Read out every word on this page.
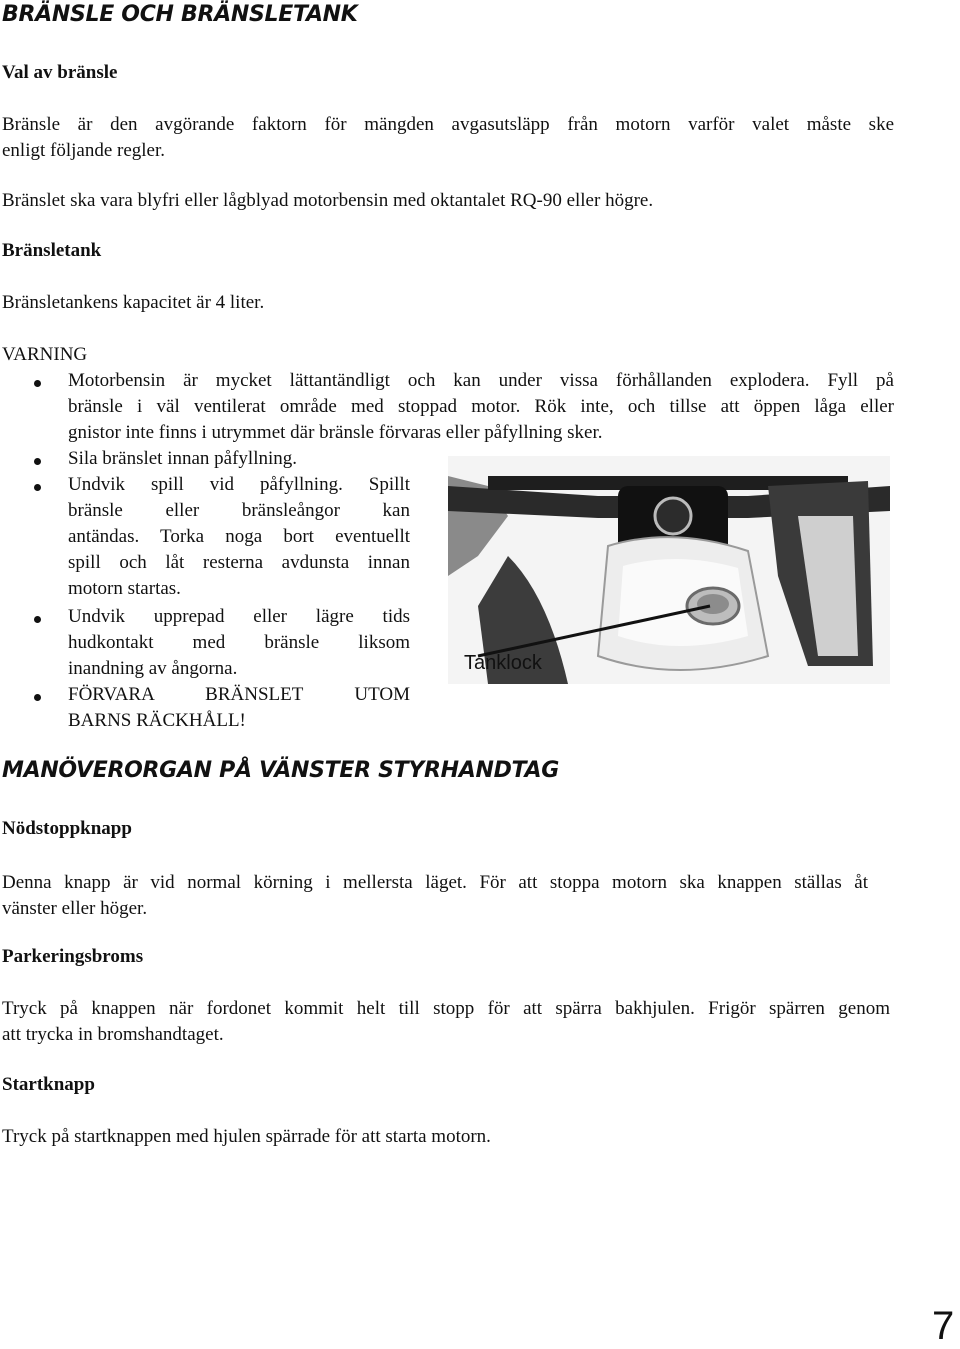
BRÄNSLE OCH BRÄNSLETANK
Val av bränsle
Bränsle är den avgörande faktorn för mängden avgasutsläpp från motorn varför valet måste ske
enligt följande regler.
Bränslet ska vara blyfri eller lågblyad motorbensin med oktantalet RQ-90 eller högre.
Bränsletank
Bränsletankens kapacitet är 4 liter.
VARNING
Motorbensin är mycket lättantändligt och kan under vissa förhållanden explodera. Fyll på
bränsle i väl ventilerat område med stoppad motor. Rök inte, och tillse att öppen låga eller
gnistor inte finns i utrymmet där bränsle förvaras eller påfyllning sker.
Sila bränslet innan påfyllning.
Undvik spill vid påfyllning. Spillt
bränsle eller bränsleångor kan
antändas. Torka noga bort eventuellt
spill och låt resterna avdunsta innan
motorn startas.
Undvik upprepad eller lägre tids
hudkontakt med bränsle liksom
inandning av ångorna.
FÖRVARA BRÄNSLET UTOM
BARNS RÄCKHÅLL!
Tanklock
MANÖVERORGAN PÅ VÄNSTER STYRHANDTAG
Nödstoppknapp
Denna knapp är vid normal körning i mellersta läget. För att stoppa motorn ska knappen ställas åt
vänster eller höger.
Parkeringsbroms
Tryck på knappen när fordonet kommit helt till stopp för att spärra bakhjulen. Frigör spärren genom
att trycka in bromshandtaget.
Startknapp
Tryck på startknappen med hjulen spärrade för att starta motorn.
7
